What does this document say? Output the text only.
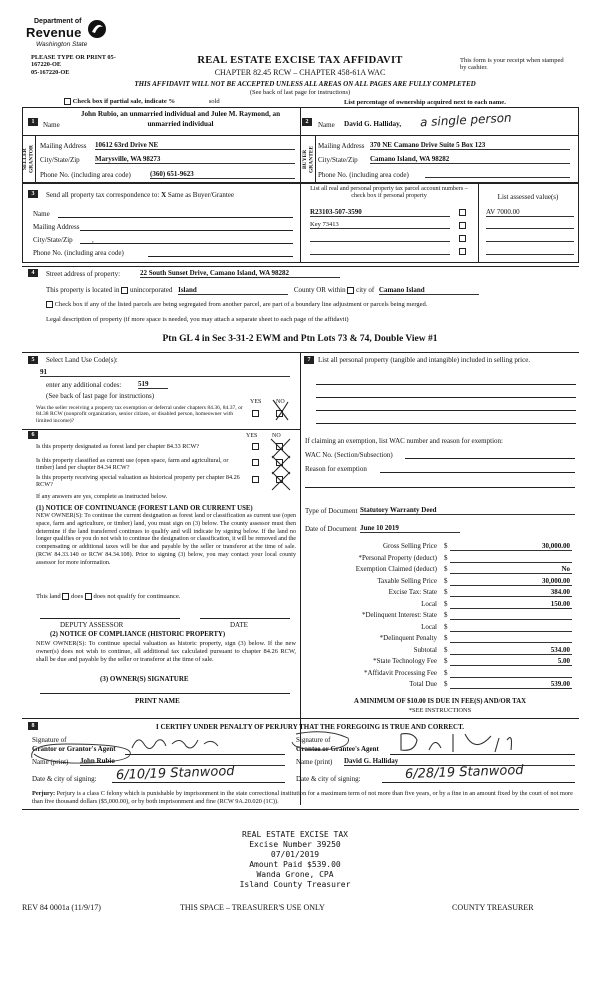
Department of
Revenue
Washington State
PLEASE TYPE OR PRINT 05-167220-OE
05-167220-OE
REAL ESTATE EXCISE TAX AFFIDAVIT
CHAPTER 82.45 RCW – CHAPTER 458-61A WAC
This form is your receipt when stamped by cashier.
THIS AFFIDAVIT WILL NOT BE ACCEPTED UNLESS ALL AREAS ON ALL PAGES ARE FULLY COMPLETED
(See back of last page for instructions)
Check box if partial sale, indicate %	sold	List percentage of ownership acquired next to each name.
1
SELLER GRANTOR
Name
John Rubio, an unmarried individual and Julee M. Raymond, an unmarried individual
Mailing Address 10612 63rd Drive NE
City/State/Zip Marysville, WA 98273
Phone No. (including area code)	(360) 651-9623
2
BUYER GRANTEE
Name David G. Halliday, a single person
Mailing Address 370 NE Camano Drive Suite 5 Box 123
City/State/Zip Camano Island, WA 98282
Phone No. (including area code)
3	Send all property tax correspondence to: X Same as Buyer/Grantee
Name
Mailing Address
City/State/Zip	,
Phone No. (including area code)
List all real and personal property tax parcel account numbers – check box if personal property	List assessed value(s)
R23103-507-3590	AV 7000.00
Key 73413
4	Street address of property:	22 South Sunset Drive, Camano Island, WA 98282
This property is located in unincorporated Island	County OR within city of Camano Island
Check box if any of the listed parcels are being segregated from another parcel, are part of a boundary line adjustment or parcels being merged.
Legal description of property (if more space is needed, you may attach a separate sheet to each page of the affidavit)
Ptn GL 4 in Sec 3-31-2 EWM and Ptn Lots 73 & 74, Double View #1
5	Select Land Use Code(s):
91
enter any additional codes: 519
(See back of last page for instructions)
YES NO
Was the seller receiving a property tax exemption or deferral under chapters 84.36, 84.37, or 84.38 RCW (nonprofit organization, senior citizen, or disabled person, homeowner with limited income)?
6	YES NO
Is this property designated as forest land per chapter 84.33 RCW?
Is this property classified as current use (open space, farm and agricultural, or timber) land per chapter 84.34 RCW?
Is this property receiving special valuation as historical property per chapter 84.26 RCW?
If any answers are yes, complete as instructed below.
(1) NOTICE OF CONTINUANCE (FOREST LAND OR CURRENT USE)
NEW OWNER(S): To continue the current designation as forest land or classification as current use (open space, farm and agriculture, or timber) land, you must sign on (3) below. The county assessor must then determine if the land transferred continues to qualify and will indicate by signing below. If the land no longer qualifies or you do not wish to continue the designation or classification, it will be removed and the compensating or additional taxes will be due and payable by the seller or transferor at the time of sale. (RCW 84.33.140 or RCW 84.34.108). Prior to signing (3) below, you may contact your local county assessor for more information.
This land does does not qualify for continuance.
DEPUTY ASSESSOR	DATE
(2) NOTICE OF COMPLIANCE (HISTORIC PROPERTY)
NEW OWNER(S): To continue special valuation as historic property, sign (3) below. If the new owner(s) does not wish to continue, all additional tax calculated pursuant to chapter 84.26 RCW, shall be due and payable by the seller or transferor at the time of sale.
(3) OWNER(S) SIGNATURE
PRINT NAME
7	List all personal property (tangible and intangible) included in selling price.
If claiming an exemption, list WAC number and reason for exemption:
WAC No. (Section/Subsection)
Reason for exemption
Type of Document Statutory Warranty Deed
Date of Document June 10 2019
Gross Selling Price $	30,000.00
*Personal Property (deduct) $
Exemption Claimed (deduct) $	No
Taxable Selling Price $	30,000.00
Excise Tax: State $	384.00
Local $	150.00
*Delinquent Interest: State $
Local $
*Delinquent Penalty $
Subtotal $	534.00
*State Technology Fee $	5.00
*Affidavit Processing Fee $
Total Due $	539.00
A MINIMUM OF $10.00 IS DUE IN FEE(S) AND/OR TAX
*SEE INSTRUCTIONS
8	I CERTIFY UNDER PENALTY OF PERJURY THAT THE FOREGOING IS TRUE AND CORRECT.
Signature of
Grantor or Grantor's Agent
Name (print) John Rubio
Date & city of signing: 6/10/19 Stanwood
Signature of
Grantee or Grantee's Agent
Name (print) David G. Halliday
Date & city of signing:	6/28/19 Stanwood
Perjury: Perjury is a class C felony which is punishable by imprisonment in the state correctional institution for a maximum term of not more than five years, or by a fine in an amount fixed by the court of not more than five thousand dollars ($5,000.00), or by both imprisonment and fine (RCW 9A.20.020 (1C)).
REAL ESTATE EXCISE TAX
Excise Number 39250
07/01/2019
Amount Paid $539.00
Wanda Grone, CPA
Island County Treasurer
REV 84 0001a (11/9/17)	THIS SPACE – TREASURER'S USE ONLY	COUNTY TREASURER
